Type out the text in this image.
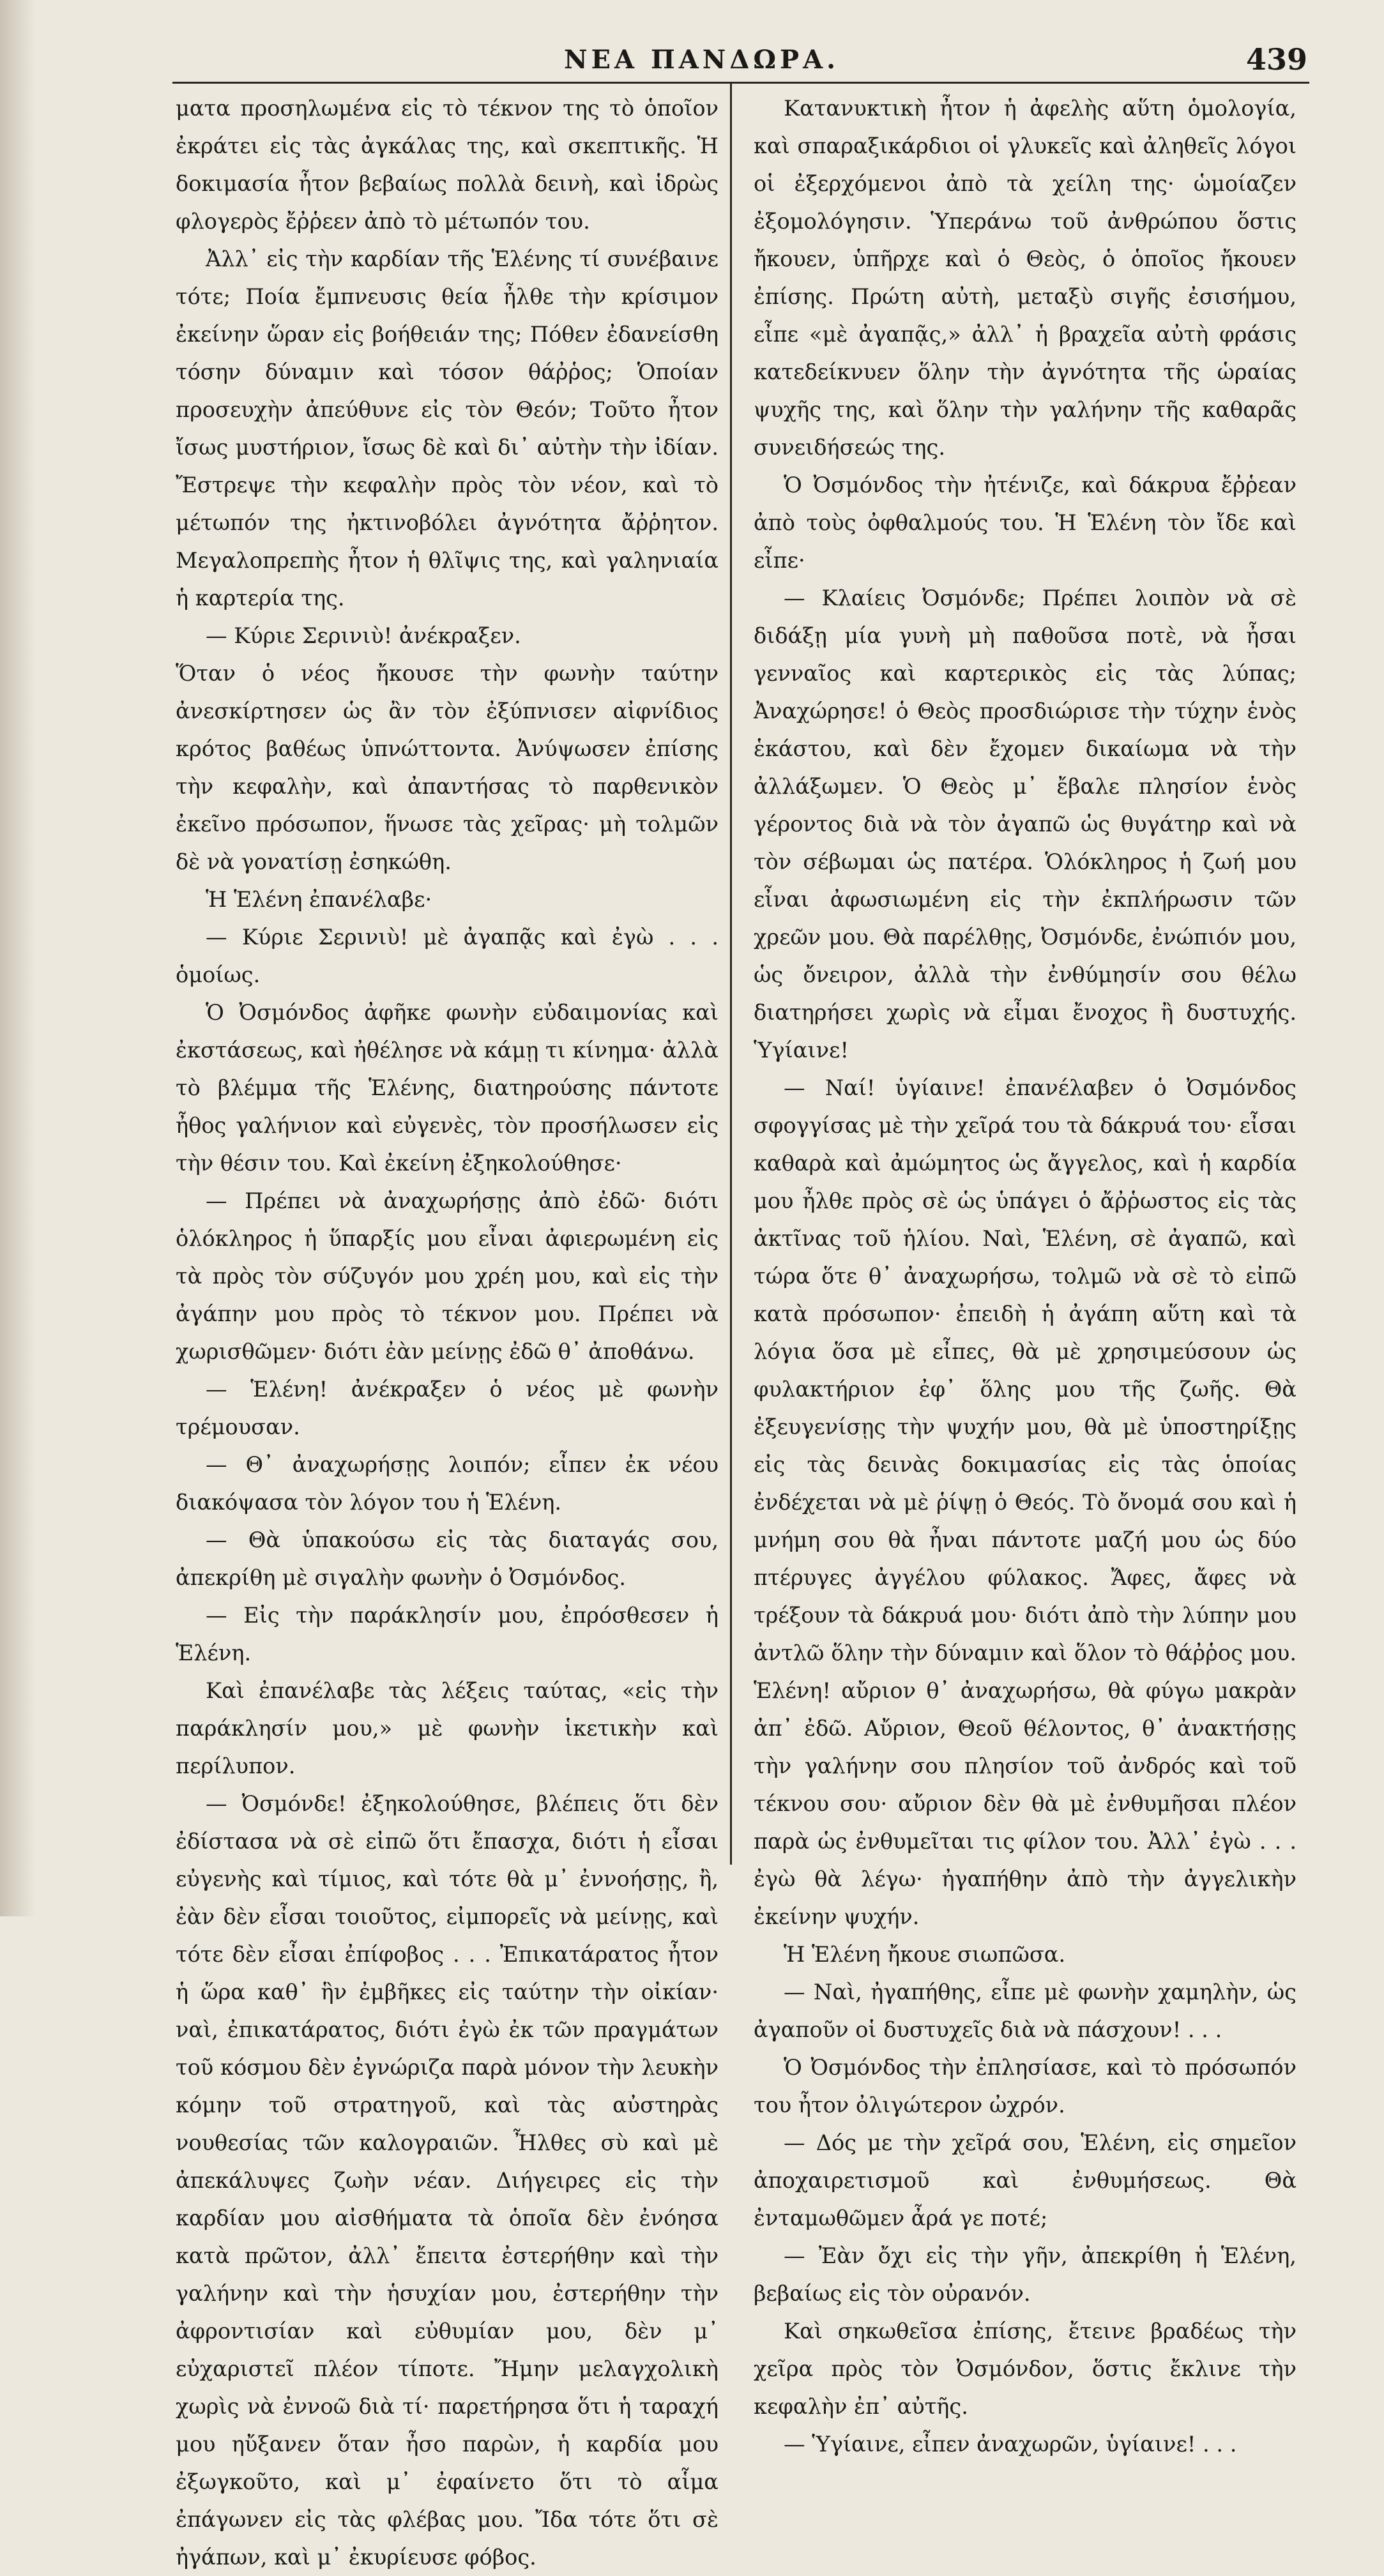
ΝΕΑ ΠΑΝΔΩΡΑ.	439

ματα προσηλωμένα εἰς τὸ τέκνον της τὸ ὁποῖον ἐκράτει εἰς τὰς ἀγκάλας της, καὶ σκεπτικῆς. Ἡ δοκιμασία ἦτον βεβαίως πολλὰ δεινὴ, καὶ ἱδρὼς φλογερὸς ἔῤῥεεν ἀπὸ τὸ μέτωπόν του.

Ἀλλ᾽ εἰς τὴν καρδίαν τῆς Ἑλένης τί συνέβαινε τότε; Ποία ἔμπνευσις θεία ἦλθε τὴν κρίσιμον ἐκείνην ὥραν εἰς βοήθειάν της; Πόθεν ἐδανείσθη τόσην δύναμιν καὶ τόσον θάῤῥος; Ὁποίαν προσευχὴν ἀπεύθυνε εἰς τὸν Θεόν; Τοῦτο ἦτον ἴσως μυστήριον, ἴσως δὲ καὶ δι᾽ αὐτὴν τὴν ἰδίαν. Ἔστρεψε τὴν κεφαλὴν πρὸς τὸν νέον, καὶ τὸ μέτωπόν της ἠκτινοβόλει ἀγνότητα ἄῤῥητον. Μεγαλοπρεπὴς ἦτον ἡ θλῖψις της, καὶ γαληνιαία ἡ καρτερία της.

— Κύριε Σερινιὺ! ἀνέκραξεν.

Ὅταν ὁ νέος ἤκουσε τὴν φωνὴν ταύτην ἀνεσκίρτησεν ὡς ἂν τὸν ἐξύπνισεν αἰφνίδιος κρότος βαθέως ὑπνώττοντα. Ἀνύψωσεν ἐπίσης τὴν κεφαλὴν, καὶ ἀπαντήσας τὸ παρθενικὸν ἐκεῖνο πρόσωπον, ἥνωσε τὰς χεῖρας· μὴ τολμῶν δὲ νὰ γονατίσῃ ἐσηκώθη.

Ἡ Ἑλένη ἐπανέλαβε·

— Κύριε Σερινιὺ! μὲ ἀγαπᾷς καὶ ἐγὼ . . . ὁμοίως.

Ὁ Ὀσμόνδος ἀφῆκε φωνὴν εὐδαιμονίας καὶ ἐκστάσεως, καὶ ἠθέλησε νὰ κάμῃ τι κίνημα· ἀλλὰ τὸ βλέμμα τῆς Ἑλένης, διατηρούσης πάντοτε ἦθος γαλήνιον καὶ εὐγενὲς, τὸν προσήλωσεν εἰς τὴν θέσιν του. Καὶ ἐκείνη ἐξηκολούθησε·

— Πρέπει νὰ ἀναχωρήσῃς ἀπὸ ἐδῶ· διότι ὁλόκληρος ἡ ὕπαρξίς μου εἶναι ἀφιερωμένη εἰς τὰ πρὸς τὸν σύζυγόν μου χρέη μου, καὶ εἰς τὴν ἀγάπην μου πρὸς τὸ τέκνον μου. Πρέπει νὰ χωρισθῶμεν· διότι ἐὰν μείνῃς ἐδῶ θ᾽ ἀποθάνω.

— Ἑλένη! ἀνέκραξεν ὁ νέος μὲ φωνὴν τρέμουσαν.

— Θ᾽ ἀναχωρήσῃς λοιπόν; εἶπεν ἐκ νέου διακόψασα τὸν λόγον του ἡ Ἑλένη.

— Θὰ ὑπακούσω εἰς τὰς διαταγάς σου, ἀπεκρίθη μὲ σιγαλὴν φωνὴν ὁ Ὀσμόνδος.

— Εἰς τὴν παράκλησίν μου, ἐπρόσθεσεν ἡ Ἑλένη.

Καὶ ἐπανέλαβε τὰς λέξεις ταύτας, «εἰς τὴν παράκλησίν μου,» μὲ φωνὴν ἱκετικὴν καὶ περίλυπον.

— Ὀσμόνδε! ἐξηκολούθησε, βλέπεις ὅτι δὲν ἐδίστασα νὰ σὲ εἰπῶ ὅτι ἔπασχα, διότι ἡ εἶσαι εὐγενὴς καὶ τίμιος, καὶ τότε θὰ μ᾽ ἐννοήσῃς, ἢ, ἐὰν δὲν εἶσαι τοιοῦτος, εἰμπορεῖς νὰ μείνῃς, καὶ τότε δὲν εἶσαι ἐπίφοβος . . . Ἐπικατάρατος ἦτον ἡ ὥρα καθ᾽ ἣν ἐμβῆκες εἰς ταύτην τὴν οἰκίαν· ναὶ, ἐπικατάρατος, διότι ἐγὼ ἐκ τῶν πραγμάτων τοῦ κόσμου δὲν ἐγνώριζα παρὰ μόνον τὴν λευκὴν κόμην τοῦ στρατηγοῦ, καὶ τὰς αὐστηρὰς νουθεσίας τῶν καλογραιῶν. Ἦλθες σὺ καὶ μὲ ἀπεκάλυψες ζωὴν νέαν. Διήγειρες εἰς τὴν καρδίαν μου αἰσθήματα τὰ ὁποῖα δὲν ἐνόησα κατὰ πρῶτον, ἀλλ᾽ ἔπειτα ἐστερήθην καὶ τὴν γαλήνην καὶ τὴν ἡσυχίαν μου, ἐστερήθην τὴν ἀφροντισίαν καὶ εὐθυμίαν μου, δὲν μ᾽ εὐχαριστεῖ πλέον τίποτε. Ἤμην μελαγχολικὴ χωρὶς νὰ ἐννοῶ διὰ τί· παρετήρησα ὅτι ἡ ταραχή μου ηὔξανεν ὅταν ἦσο παρὼν, ἡ καρδία μου ἐξωγκοῦτο, καὶ μ᾽ ἐφαίνετο ὅτι τὸ αἷμα ἐπάγωνεν εἰς τὰς φλέβας μου. Ἴδα τότε ὅτι σὲ ἠγάπων, καὶ μ᾽ ἐκυρίευσε φόβος.

Κατανυκτικὴ ἦτον ἡ ἀφελὴς αὕτη ὁμολογία, καὶ σπαραξικάρδιοι οἱ γλυκεῖς καὶ ἀληθεῖς λόγοι οἱ ἐξερχόμενοι ἀπὸ τὰ χείλη της· ὡμοίαζεν ἐξομολόγησιν. Ὑπεράνω τοῦ ἀνθρώπου ὅστις ἤκουεν, ὑπῆρχε καὶ ὁ Θεὸς, ὁ ὁποῖος ἤκουεν ἐπίσης. Πρώτη αὐτὴ, μεταξὺ σιγῆς ἐσισήμου, εἶπε «μὲ ἀγαπᾷς,» ἀλλ᾽ ἡ βραχεῖα αὐτὴ φράσις κατεδείκνυεν ὅλην τὴν ἀγνότητα τῆς ὡραίας ψυχῆς της, καὶ ὅλην τὴν γαλήνην τῆς καθαρᾶς συνειδήσεώς της.

Ὁ Ὀσμόνδος τὴν ἠτένιζε, καὶ δάκρυα ἔῤῥεαν ἀπὸ τοὺς ὀφθαλμούς του. Ἡ Ἑλένη τὸν ἴδε καὶ εἶπε·

— Κλαίεις Ὀσμόνδε; Πρέπει λοιπὸν νὰ σὲ διδάξῃ μία γυνὴ μὴ παθοῦσα ποτὲ, νὰ ἦσαι γενναῖος καὶ καρτερικὸς εἰς τὰς λύπας; Ἀναχώρησε! ὁ Θεὸς προσδιώρισε τὴν τύχην ἑνὸς ἑκάστου, καὶ δὲν ἔχομεν δικαίωμα νὰ τὴν ἀλλάξωμεν. Ὁ Θεὸς μ᾽ ἔβαλε πλησίον ἑνὸς γέροντος διὰ νὰ τὸν ἀγαπῶ ὡς θυγάτηρ καὶ νὰ τὸν σέβωμαι ὡς πατέρα. Ὁλόκληρος ἡ ζωή μου εἶναι ἀφωσιωμένη εἰς τὴν ἐκπλήρωσιν τῶν χρεῶν μου. Θὰ παρέλθῃς, Ὀσμόνδε, ἐνώπιόν μου, ὡς ὄνειρον, ἀλλὰ τὴν ἐνθύμησίν σου θέλω διατηρήσει χωρὶς νὰ εἶμαι ἔνοχος ἢ δυστυχής. Ὑγίαινε!

— Ναί! ὑγίαινε! ἐπανέλαβεν ὁ Ὀσμόνδος σφογγίσας μὲ τὴν χεῖρά του τὰ δάκρυά του· εἶσαι καθαρὰ καὶ ἀμώμητος ὡς ἄγγελος, καὶ ἡ καρδία μου ἦλθε πρὸς σὲ ὡς ὑπάγει ὁ ἄῤῥωστος εἰς τὰς ἀκτῖνας τοῦ ἡλίου. Ναὶ, Ἑλένη, σὲ ἀγαπῶ, καὶ τώρα ὅτε θ᾽ ἀναχωρήσω, τολμῶ νὰ σὲ τὸ εἰπῶ κατὰ πρόσωπον· ἐπειδὴ ἡ ἀγάπη αὕτη καὶ τὰ λόγια ὅσα μὲ εἶπες, θὰ μὲ χρησιμεύσουν ὡς φυλακτήριον ἐφ᾽ ὅλης μου τῆς ζωῆς. Θὰ ἐξευγενίσῃς τὴν ψυχήν μου, θὰ μὲ ὑποστηρίξῃς εἰς τὰς δεινὰς δοκιμασίας εἰς τὰς ὁποίας ἐνδέχεται νὰ μὲ ῥίψῃ ὁ Θεός. Τὸ ὄνομά σου καὶ ἡ μνήμη σου θὰ ἦναι πάντοτε μαζή μου ὡς δύο πτέρυγες ἀγγέλου φύλακος. Ἄφες, ἄφες νὰ τρέξουν τὰ δάκρυά μου· διότι ἀπὸ τὴν λύπην μου ἀντλῶ ὅλην τὴν δύναμιν καὶ ὅλον τὸ θάῤῥος μου. Ἑλένη! αὔριον θ᾽ ἀναχωρήσω, θὰ φύγω μακρὰν ἀπ᾽ ἐδῶ. Αὔριον, Θεοῦ θέλοντος, θ᾽ ἀνακτήσῃς τὴν γαλήνην σου πλησίον τοῦ ἀνδρός καὶ τοῦ τέκνου σου· αὔριον δὲν θὰ μὲ ἐνθυμῆσαι πλέον παρὰ ὡς ἐνθυμεῖται τις φίλον του. Ἀλλ᾽ ἐγὼ . . . ἐγὼ θὰ λέγω· ἠγαπήθην ἀπὸ τὴν ἀγγελικὴν ἐκείνην ψυχήν.

Ἡ Ἑλένη ἤκουε σιωπῶσα.

— Ναὶ, ἠγαπήθης, εἶπε μὲ φωνὴν χαμηλὴν, ὡς ἀγαποῦν οἱ δυστυχεῖς διὰ νὰ πάσχουν! . . .

Ὁ Ὀσμόνδος τὴν ἐπλησίασε, καὶ τὸ πρόσωπόν του ἦτον ὀλιγώτερον ὠχρόν.

— Δός με τὴν χεῖρά σου, Ἑλένη, εἰς σημεῖον ἀποχαιρετισμοῦ καὶ ἐνθυμήσεως. Θὰ ἐνταμωθῶμεν ἆρά γε ποτέ;

— Ἐὰν ὄχι εἰς τὴν γῆν, ἀπεκρίθη ἡ Ἑλένη, βεβαίως εἰς τὸν οὐρανόν.

Καὶ σηκωθεῖσα ἐπίσης, ἔτεινε βραδέως τὴν χεῖρα πρὸς τὸν Ὀσμόνδον, ὅστις ἔκλινε τὴν κεφαλὴν ἐπ᾽ αὐτῆς.

— Ὑγίαινε, εἶπεν ἀναχωρῶν, ὑγίαινε! . . .
